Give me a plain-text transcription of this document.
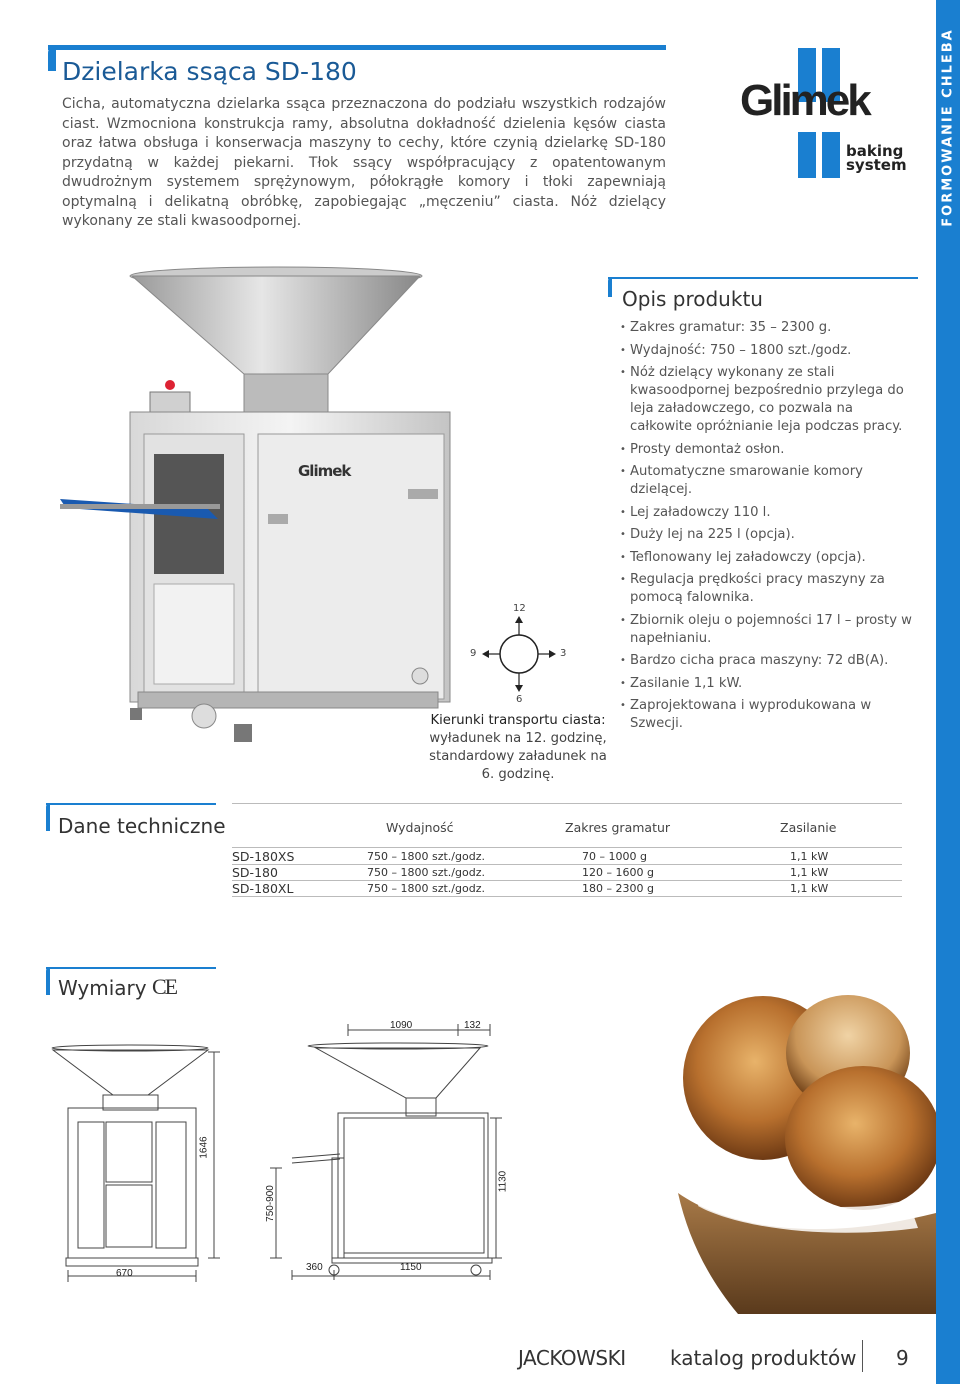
FORMOWANIE CHLEBA
Dzielarka ssąca SD-180
Cicha, automatyczna dzielarka ssąca przeznaczona do podziału wszystkich rodzajów ciast. Wzmocniona konstrukcja ramy, absolutna dokładność dzielenia kęsów ciasta oraz łatwa obsługa i konserwacja maszyny to cechy, które czynią dzielarkę SD-180 przydatną w każdej piekarni. Tłok ssący współpracujący z opatentowanym dwudrożnym systemem sprężynowym, półokrągłe komory i tłoki zapewniają optymalną i delikatną obróbkę, zapobiegając „męczeniu” ciasta. Nóż dzielący wykonany ze stali kwasoodpornej.
Glimek
baking
system
Glimek
12
3
6
9
Kierunki transportu ciasta:
wyładunek na 12. godzinę, standardowy załadunek na 6. godzinę.
Opis produktu
• Zakres gramatur: 35 – 2300 g.
• Wydajność: 750 – 1800 szt./godz.
• Nóż dzielący wykonany ze stali kwasoodpornej bezpośrednio przylega do leja załadowczego, co pozwala na całkowite opróżnianie leja podczas pracy.
• Prosty demontaż osłon.
• Automatyczne smarowanie komory dzielącej.
• Lej załadowczy 110 l.
• Duży lej na 225 l (opcja).
• Teflonowany lej załadowczy (opcja).
• Regulacja prędkości pracy maszyny za pomocą falownika.
• Zbiornik oleju o pojemności 17 l – prosty w napełnianiu.
• Bardzo cicha praca maszyny: 72 dB(A).
• Zasilanie 1,1 kW.
• Zaprojektowana i wyprodukowana w Szwecji.
Dane techniczne	Wydajność	Zakres gramatur	Zasilanie
SD-180XS	750 – 1800 szt./godz.	70 – 1000 g	1,1 kW
SD-180	750 – 1800 szt./godz.	120 – 1600 g	1,1 kW
SD-180XL	750 – 1800 szt./godz.	180 – 2300 g	1,1 kW
Wymiary CE
670
1646
1090	132
750-900
1130
360	1150
JACKOWSKI katalog produktów 9
